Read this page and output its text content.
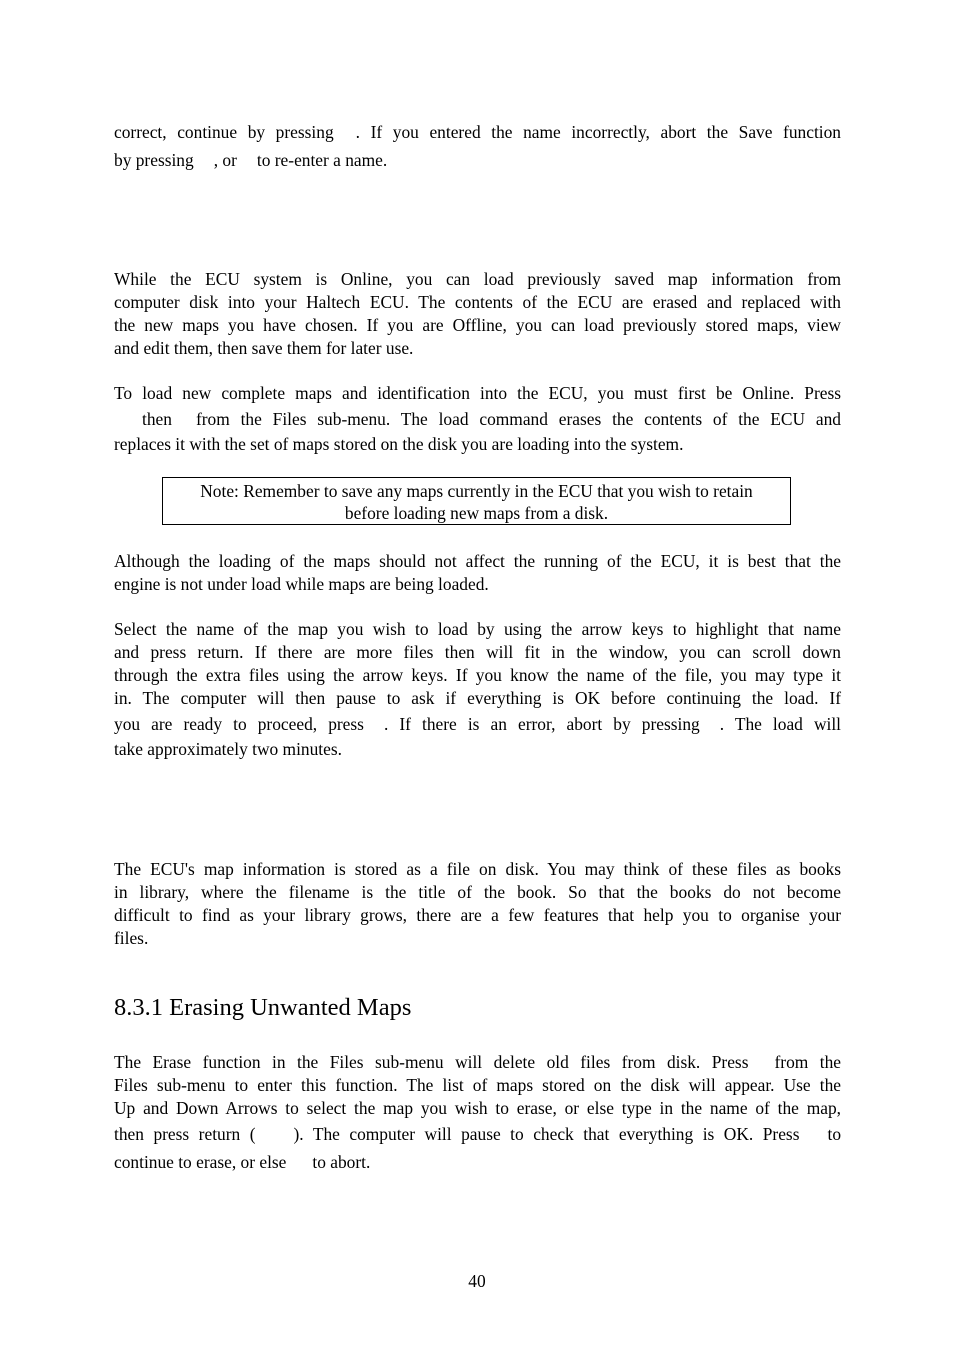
correct, continue by pressing . If you entered the name incorrectly, abort the Save function
by pressing , or to re-enter a name.
While the ECU system is Online, you can load previously saved map information from
computer disk into your Haltech ECU. The contents of the ECU are erased and replaced with
the new maps you have chosen. If you are Offline, you can load previously stored maps, view
and edit them, then save them for later use.
To load new complete maps and identification into the ECU, you must first be Online. Press
then from the Files sub-menu. The load command erases the contents of the ECU and
replaces it with the set of maps stored on the disk you are loading into the system.
Note: Remember to save any maps currently in the ECU that you wish to retain
before loading new maps from a disk.
Although the loading of the maps should not affect the running of the ECU, it is best that the
engine is not under load while maps are being loaded.
Select the name of the map you wish to load by using the arrow keys to highlight that name
and press return. If there are more files then will fit in the window, you can scroll down
through the extra files using the arrow keys. If you know the name of the file, you may type it
in. The computer will then pause to ask if everything is OK before continuing the load. If
you are ready to proceed, press . If there is an error, abort by pressing . The load will
take approximately two minutes.
The ECU's map information is stored as a file on disk. You may think of these files as books
in library, where the filename is the title of the book. So that the books do not become
difficult to find as your library grows, there are a few features that help you to organise your
files.
8.3.1 Erasing Unwanted Maps
The Erase function in the Files sub-menu will delete old files from disk. Press from the
Files sub-menu to enter this function. The list of maps stored on the disk will appear. Use the
Up and Down Arrows to select the map you wish to erase, or else type in the name of the map,
then press return ( ). The computer will pause to check that everything is OK. Press to
continue to erase, or else to abort.
40
